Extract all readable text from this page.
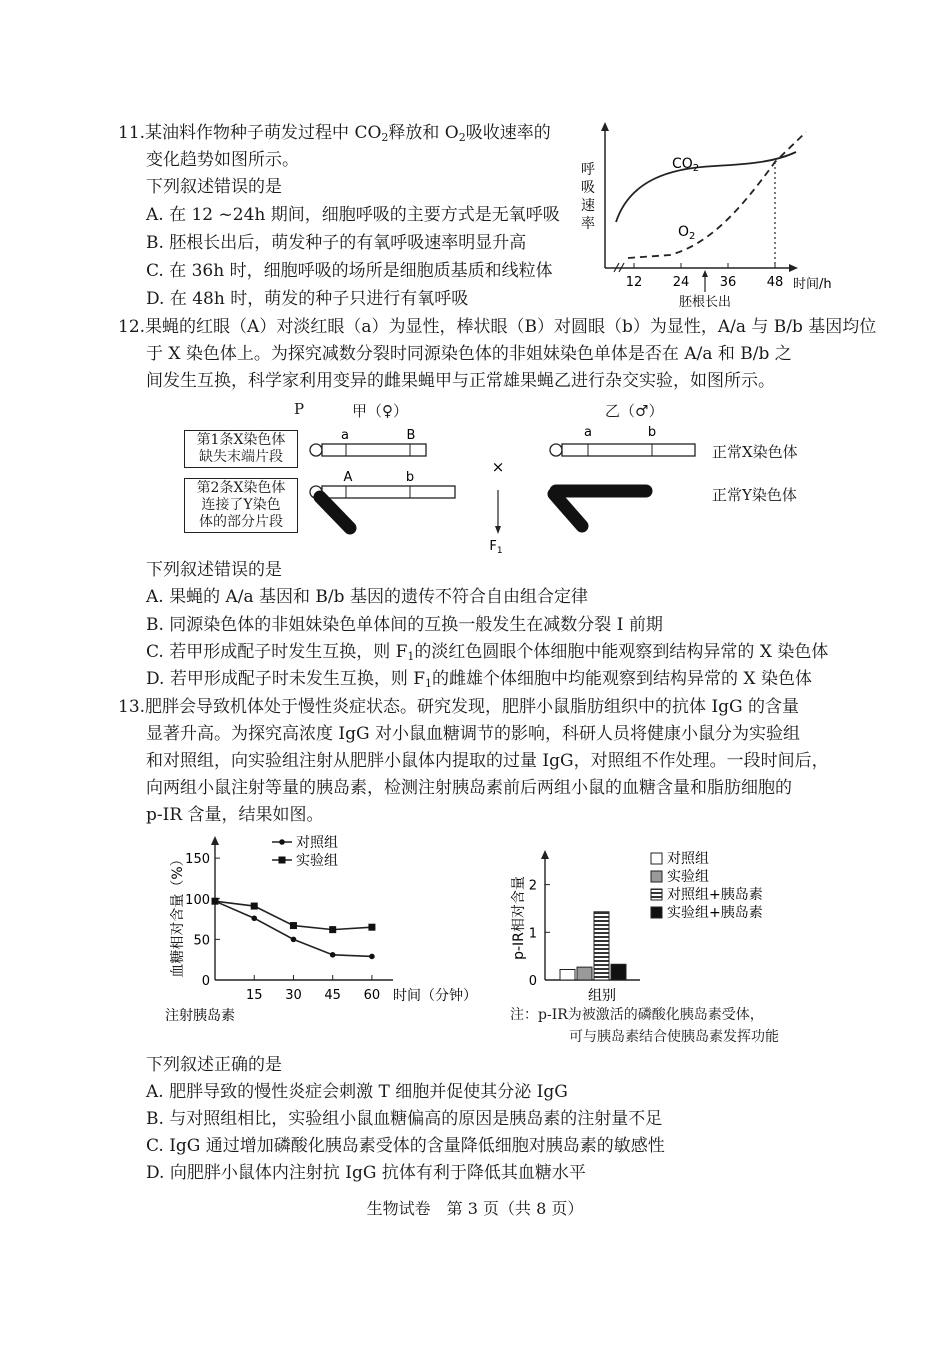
11.某油料作物种子萌发过程中 $CO_2$释放和 $O_2$吸收速率的
变化趋势如图所示。
下列叙述错误的是
A. 在 12 ~24h 期间，细胞呼吸的主要方式是无氧呼吸
B. 胚根长出后，萌发种子的有氧呼吸速率明显升高
C. 在 36h 时，细胞呼吸的场所是细胞质基质和线粒体
D. 在 48h 时，萌发的种子只进行有氧呼吸
12 24 36 48 时间/h
呼
吸
速
率
胚根长出
$CO_2$
$O_2$
12.果蝇的红眼（A）对淡红眼（a）为显性，棒状眼（B）对圆眼（b）为显性，A/a 与 B/b 基因均位
于 X 染色体上。为探究减数分裂时同源染色体的非姐妹染色单体是否在 A/a 和 B/b 之
间发生互换，科学家利用变异的雌果蝇甲与正常雄果蝇乙进行杂交实验，如图所示。
P	甲（♀）	乙（♂）
第1条X染色体
缺失末端片段
第2条X染色体
连接了Y染色
体的部分片段
a	B
A	b
×
$F_1$
a	b
正常X染色体
正常Y染色体
下列叙述错误的是
A. 果蝇的 A/a 基因和 B/b 基因的遗传不符合自由组合定律
B. 同源染色体的非姐妹染色单体间的互换一般发生在减数分裂 I 前期
C. 若甲形成配子时发生互换，则 $F_1$的淡红色圆眼个体细胞中能观察到结构异常的 X 染色体
D. 若甲形成配子时未发生互换，则 $F_1$的雌雄个体细胞中均能观察到结构异常的 X 染色体
13.肥胖会导致机体处于慢性炎症状态。研究发现，肥胖小鼠脂肪组织中的抗体 IgG 的含量
显著升高。为探究高浓度 IgG 对小鼠血糖调节的影响，科研人员将健康小鼠分为实验组
和对照组，向实验组注射从肥胖小鼠体内提取的过量 IgG，对照组不作处理。一段时间后，
向两组小鼠注射等量的胰岛素，检测注射胰岛素前后两组小鼠的血糖含量和脂肪细胞的
p-IR 含量，结果如图。
0
50
100
150
15 30 45 60 时间（分钟）
注射胰岛素
血糖相对含量（%）
对照组
实验组
0
1
2
p-IR相对含量
组别
对照组
实验组
对照组+胰岛素
实验组+胰岛素
注：p-IR为被激活的磷酸化胰岛素受体，
可与胰岛素结合使胰岛素发挥功能
下列叙述正确的是
A. 肥胖导致的慢性炎症会刺激 T 细胞并促使其分泌 IgG
B. 与对照组相比，实验组小鼠血糖偏高的原因是胰岛素的注射量不足
C. IgG 通过增加磷酸化胰岛素受体的含量降低细胞对胰岛素的敏感性
D. 向肥胖小鼠体内注射抗 IgG 抗体有利于降低其血糖水平
生物试卷　第 3 页（共 8 页）
